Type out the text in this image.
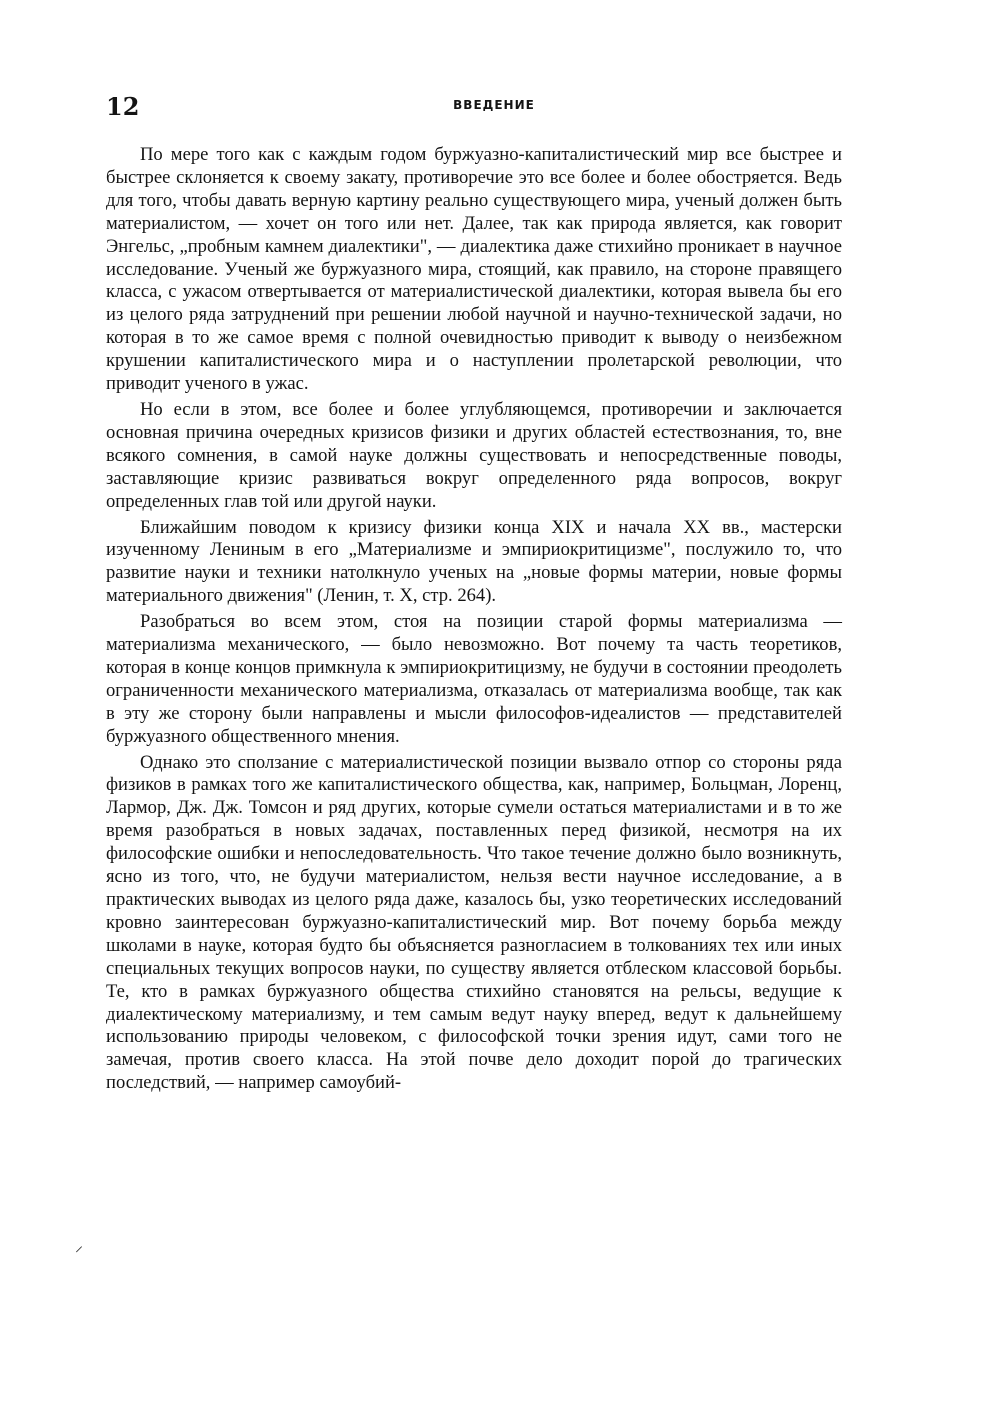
12	ВВЕДЕНИЕ

По мере того как с каждым годом буржуазно-капиталистический мир все быстрее и быстрее склоняется к своему закату, противоречие это все более и более обостряется. Ведь для того, чтобы давать верную картину реально существующего мира, ученый должен быть материалистом, — хочет он того или нет. Далее, так как природа является, как говорит Энгельс, „пробным камнем диалектики", — диалектика даже стихийно проникает в научное исследование. Ученый же буржуазного мира, стоящий, как правило, на стороне правящего класса, с ужасом отвертывается от материалистической диалектики, которая вывела бы его из целого ряда затруднений при решении любой научной и научно-технической задачи, но которая в то же самое время с полной очевидностью приводит к выводу о неизбежном крушении капиталистического мира и о наступлении пролетарской революции, что приводит ученого в ужас.

Но если в этом, все более и более углубляющемся, противоречии и заключается основная причина очередных кризисов физики и других областей естествознания, то, вне всякого сомнения, в самой науке должны существовать и непосредственные поводы, заставляющие кризис развиваться вокруг определенного ряда вопросов, вокруг определенных глав той или другой науки.

Ближайшим поводом к кризису физики конца XIX и начала XX вв., мастерски изученному Лениным в его „Материализме и эмпириокритицизме", послужило то, что развитие науки и техники натолкнуло ученых на „новые формы материи, новые формы материального движения" (Ленин, т. X, стр. 264).

Разобраться во всем этом, стоя на позиции старой формы материализма — материализма механического, — было невозможно. Вот почему та часть теоретиков, которая в конце концов примкнула к эмпириокритицизму, не будучи в состоянии преодолеть ограниченности механического материализма, отказалась от материализма вообще, так как в эту же сторону были направлены и мысли философов-идеалистов — представителей буржуазного общественного мнения.

Однако это сползание с материалистической позиции вызвало отпор со стороны ряда физиков в рамках того же капиталистического общества, как, например, Больцман, Лоренц, Лармор, Дж. Дж. Томсон и ряд других, которые сумели остаться материалистами и в то же время разобраться в новых задачах, поставленных перед физикой, несмотря на их философские ошибки и непоследовательность. Что такое течение должно было возникнуть, ясно из того, что, не будучи материалистом, нельзя вести научное исследование, а в практических выводах из целого ряда даже, казалось бы, узко теоретических исследований кровно заинтересован буржуазно-капиталистический мир. Вот почему борьба между школами в науке, которая будто бы объясняется разногласием в толкованиях тех или иных специальных текущих вопросов науки, по существу является отблеском классовой борьбы. Те, кто в рамках буржуазного общества стихийно становятся на рельсы, ведущие к диалектическому материализму, и тем самым ведут науку вперед, ведут к дальнейшему использованию природы человеком, с философской точки зрения идут, сами того не замечая, против своего класса. На этой почве дело доходит порой до трагических последствий, — например самоубий-

⸝
